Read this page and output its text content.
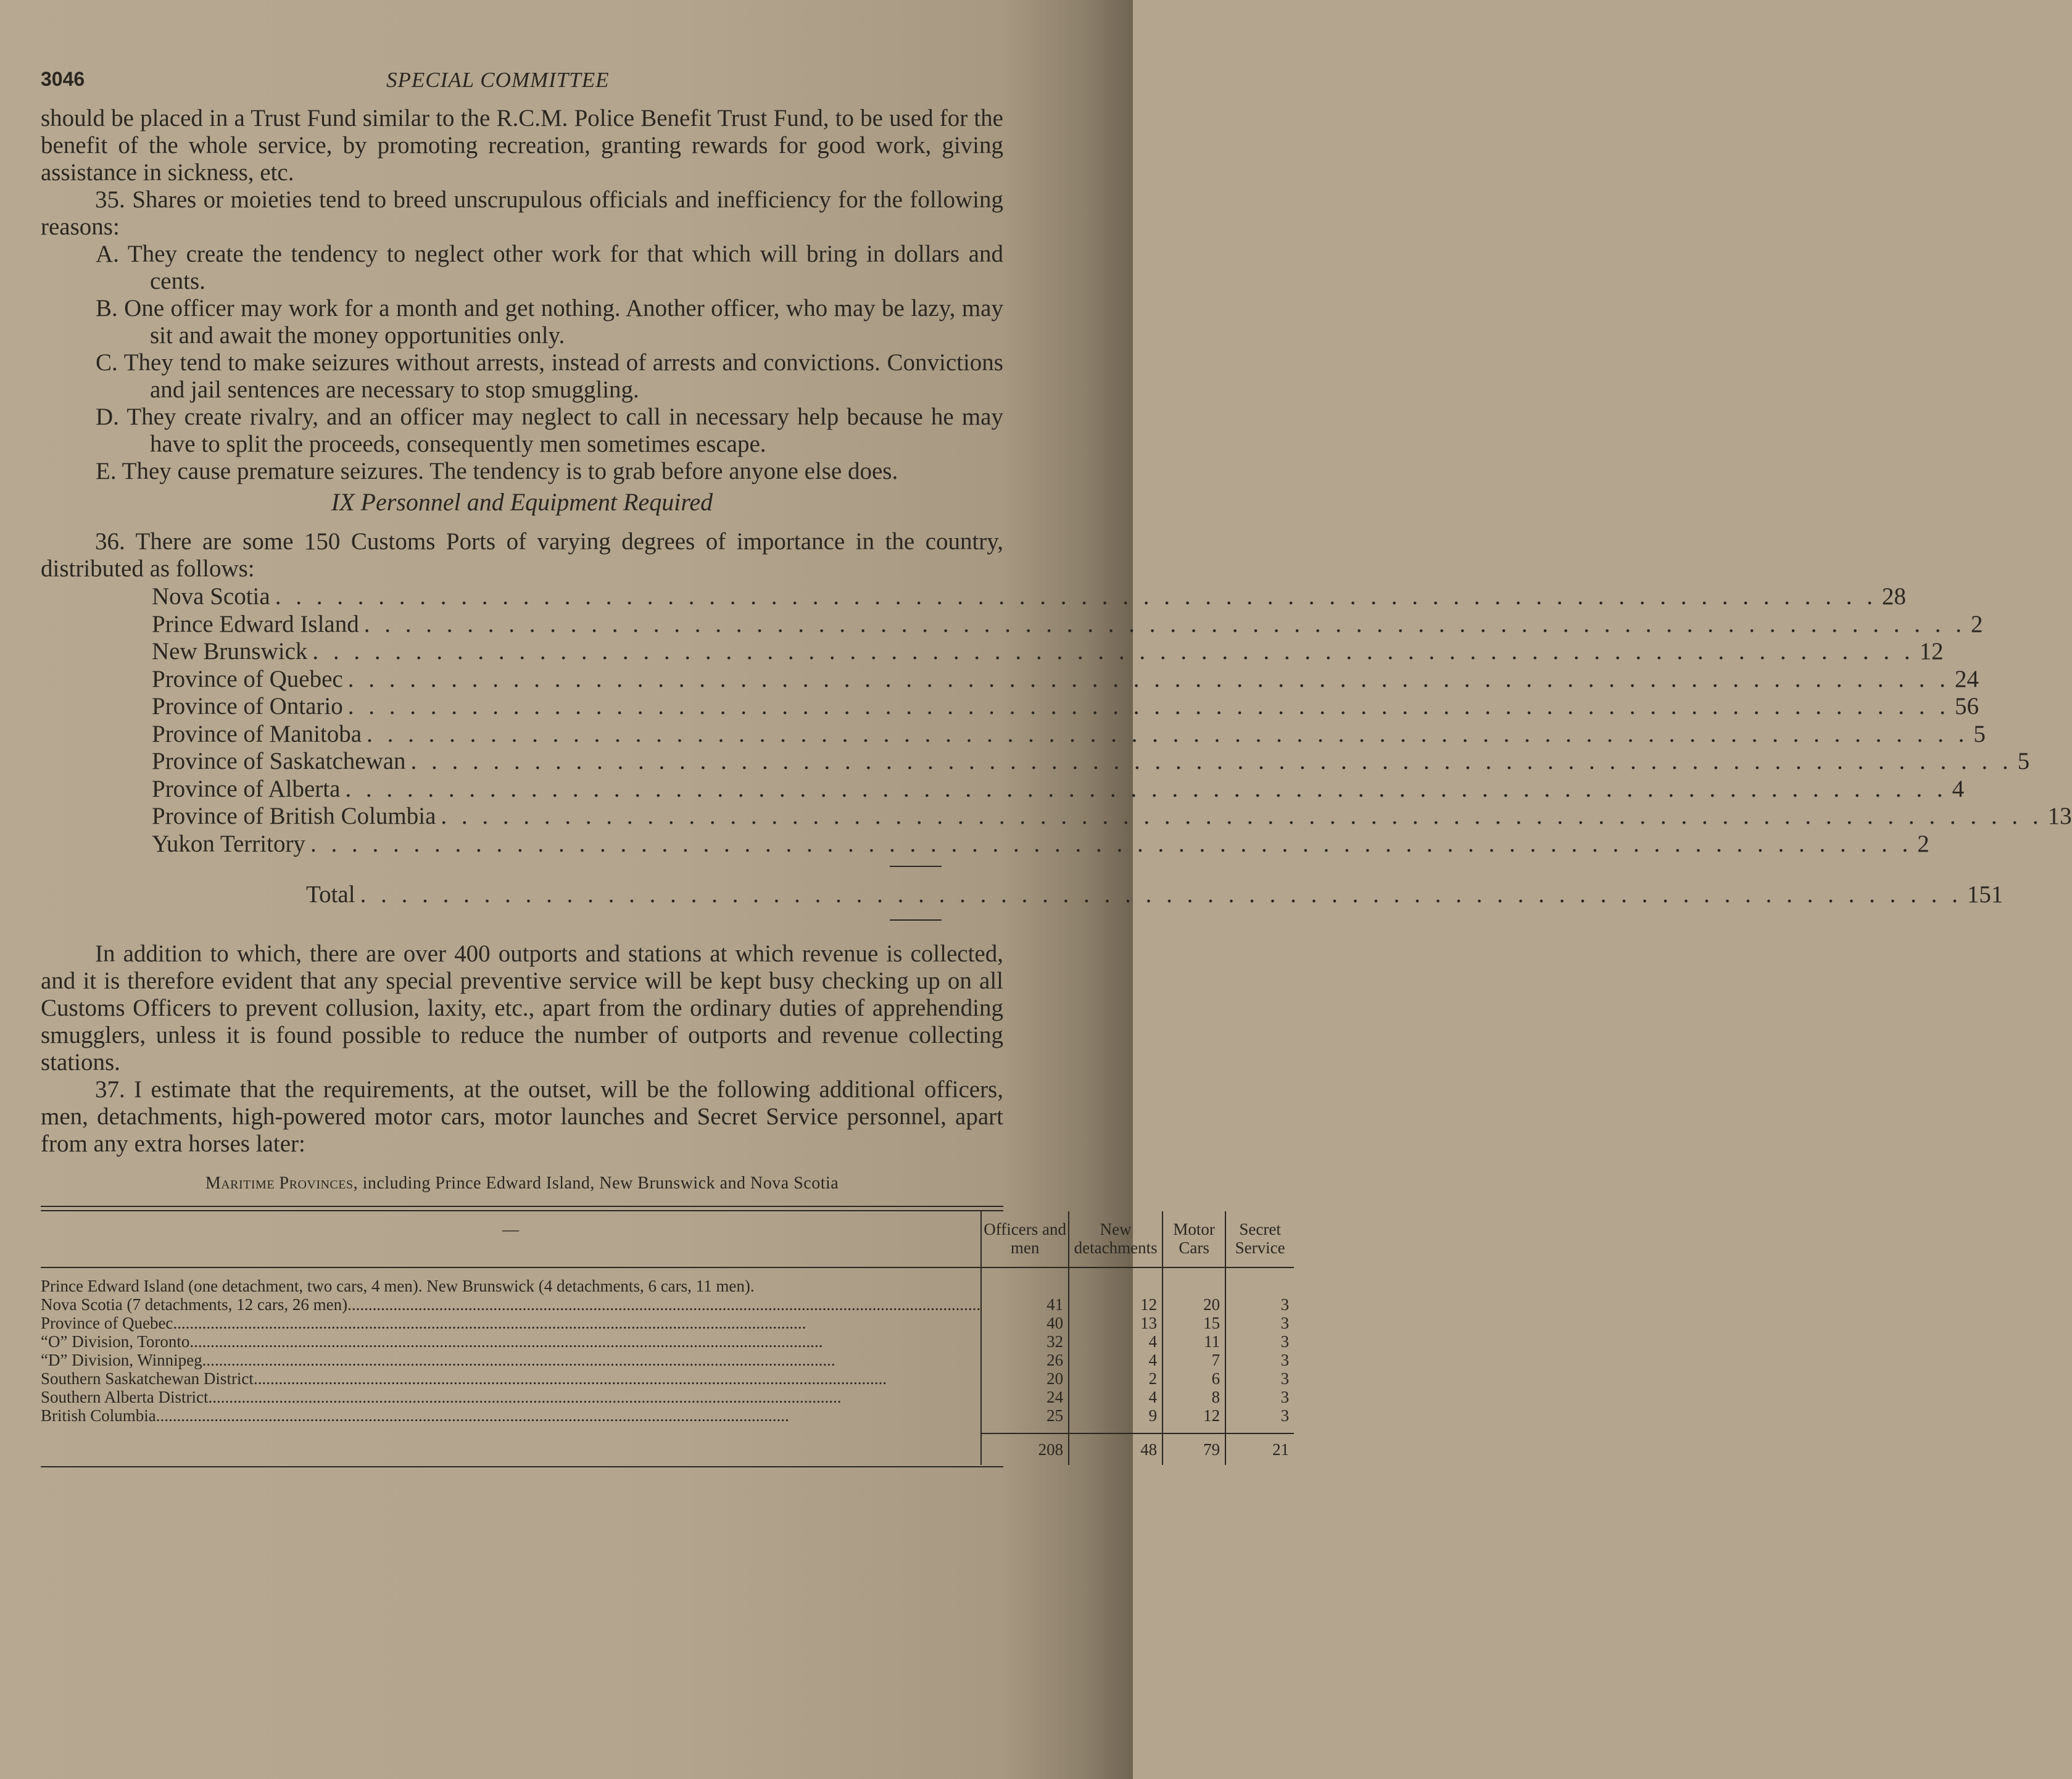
3046	SPECIAL COMMITTEE

should be placed in a Trust Fund similar to the R.C.M. Police Benefit Trust Fund, to be used for the benefit of the whole service, by promoting recreation, granting rewards for good work, giving assistance in sickness, etc.

35. Shares or moieties tend to breed unscrupulous officials and inefficiency for the following reasons:

A. They create the tendency to neglect other work for that which will bring in dollars and cents.

B. One officer may work for a month and get nothing. Another officer, who may be lazy, may sit and await the money opportunities only.

C. They tend to make seizures without arrests, instead of arrests and convictions. Convictions and jail sentences are necessary to stop smuggling.

D. They create rivalry, and an officer may neglect to call in necessary help because he may have to split the proceeds, consequently men sometimes escape.

E. They cause premature seizures. The tendency is to grab before anyone else does.

IX Personnel and Equipment Required

36. There are some 150 Customs Ports of varying degrees of importance in the country, distributed as follows:

Nova Scotia . . .	28
Prince Edward Island . . .	2
New Brunswick . . .	12
Province of Quebec . . .	24
Province of Ontario . . .	56
Province of Manitoba . . .	5
Province of Saskatchewan . . .	5
Province of Alberta . . .	4
Province of British Columbia . . .	13
Yukon Territory . . .	2
Total . . .	151

In addition to which, there are over 400 outports and stations at which revenue is collected, and it is therefore evident that any special preventive service will be kept busy checking up on all Customs Officers to prevent collusion, laxity, etc., apart from the ordinary duties of apprehending smugglers, unless it is found possible to reduce the number of outports and revenue collecting stations.

37. I estimate that the requirements, at the outset, will be the following additional officers, men, detachments, high-powered motor cars, motor launches and Secret Service personnel, apart from any extra horses later:

Maritime Provinces, including Prince Edward Island, New Brunswick and Nova Scotia
—	Officers and men	New detachments	Motor Cars	Secret Service

Prince Edward Island (one detachment, two cars, 4 men). New Brunswick (4 detachments, 6 cars, 11 men).				

Nova Scotia (7 detachments, 12 cars, 26 men)
.....	41	12	20	3

Province of Quebec
.....	40	13	15	3

“O” Division, Toronto
.....	32	4	11	3

“D” Division, Winnipeg
.....	26	4	7	3

Southern Saskatchewan District
.....	20	2	6	3

Southern Alberta District
.....	24	4	8	3

British Columbia
.....	25	9	12	3
	208	48	79	21
